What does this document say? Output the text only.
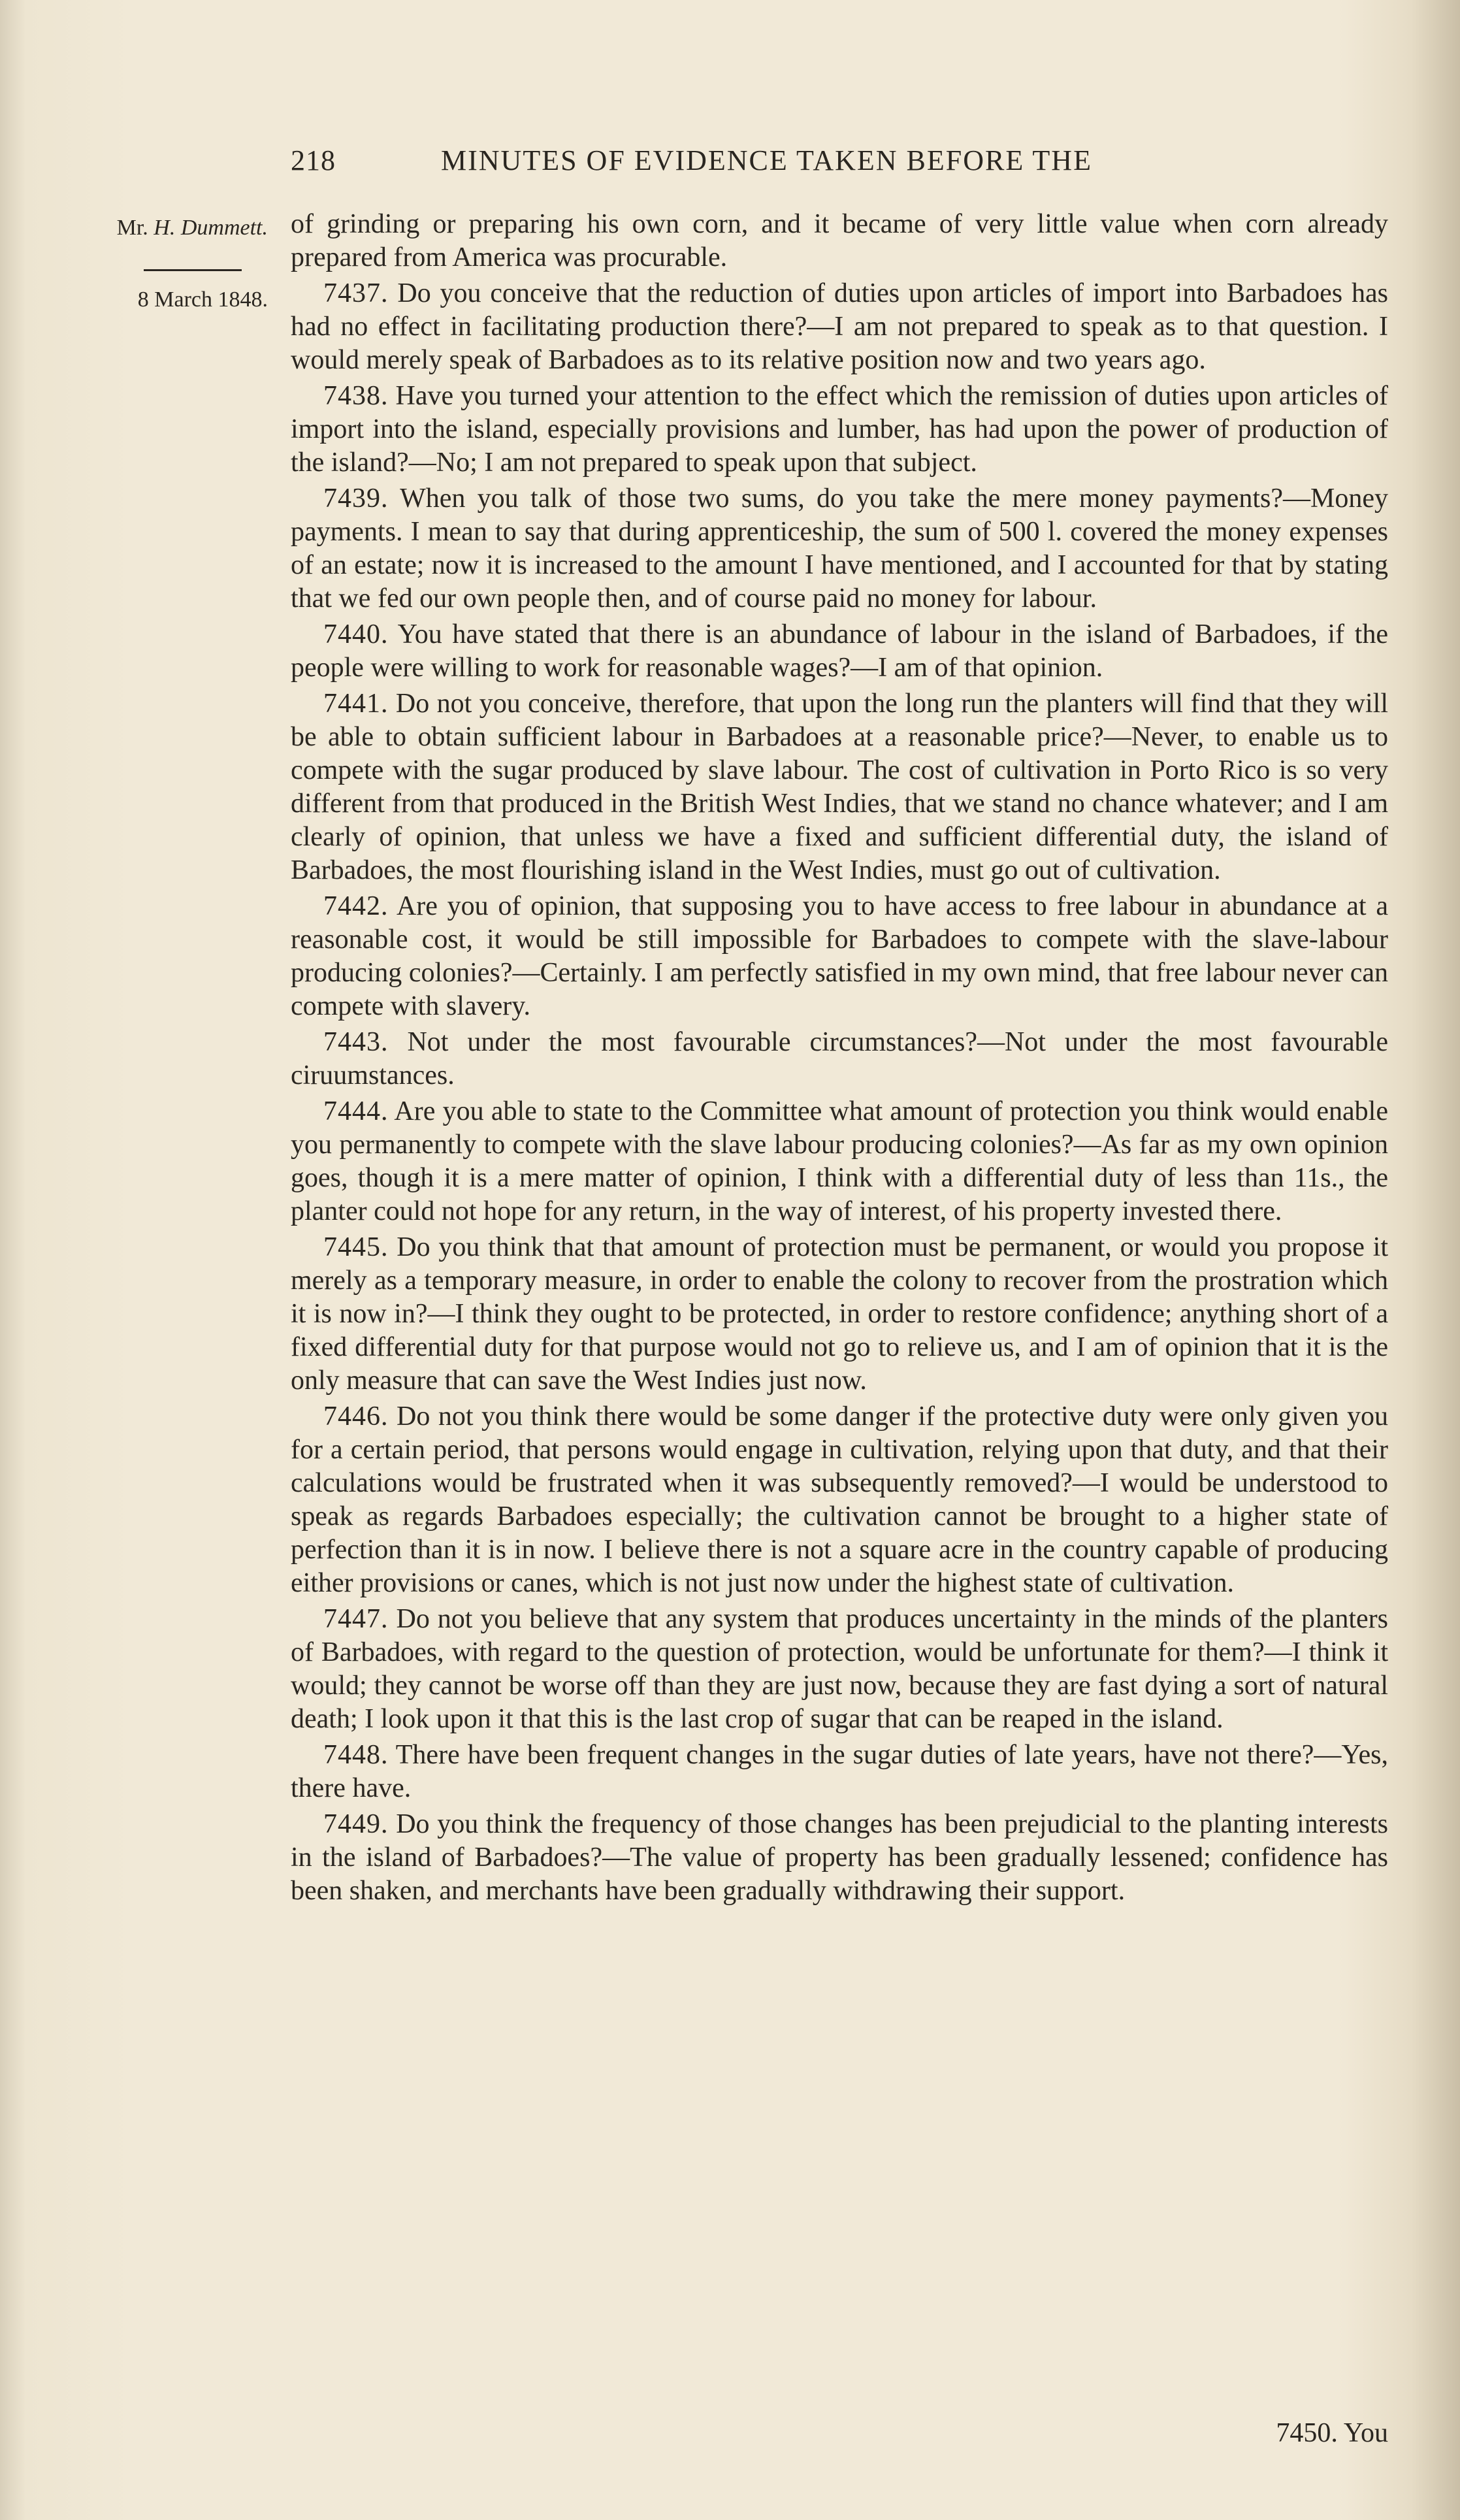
218	MINUTES OF EVIDENCE TAKEN BEFORE THE
Mr. H. Dummett.
8 March 1848.

of grinding or preparing his own corn, and it became of very little value when corn already prepared from America was procurable.

7437. Do you conceive that the reduction of duties upon articles of import into Barbadoes has had no effect in facilitating production there?—I am not prepared to speak as to that question. I would merely speak of Barbadoes as to its relative position now and two years ago.

7438. Have you turned your attention to the effect which the remission of duties upon articles of import into the island, especially provisions and lumber, has had upon the power of production of the island?—No; I am not prepared to speak upon that subject.

7439. When you talk of those two sums, do you take the mere money payments?—Money payments. I mean to say that during apprenticeship, the sum of 500 l. covered the money expenses of an estate; now it is increased to the amount I have mentioned, and I accounted for that by stating that we fed our own people then, and of course paid no money for labour.

7440. You have stated that there is an abundance of labour in the island of Barbadoes, if the people were willing to work for reasonable wages?—I am of that opinion.

7441. Do not you conceive, therefore, that upon the long run the planters will find that they will be able to obtain sufficient labour in Barbadoes at a reasonable price?—Never, to enable us to compete with the sugar produced by slave labour. The cost of cultivation in Porto Rico is so very different from that produced in the British West Indies, that we stand no chance whatever; and I am clearly of opinion, that unless we have a fixed and sufficient differential duty, the island of Barbadoes, the most flourishing island in the West Indies, must go out of cultivation.

7442. Are you of opinion, that supposing you to have access to free labour in abundance at a reasonable cost, it would be still impossible for Barbadoes to compete with the slave-labour producing colonies?—Certainly. I am perfectly satisfied in my own mind, that free labour never can compete with slavery.

7443. Not under the most favourable circumstances?—Not under the most favourable ciruumstances.

7444. Are you able to state to the Committee what amount of protection you think would enable you permanently to compete with the slave labour producing colonies?—As far as my own opinion goes, though it is a mere matter of opinion, I think with a differential duty of less than 11s., the planter could not hope for any return, in the way of interest, of his property invested there.

7445. Do you think that that amount of protection must be permanent, or would you propose it merely as a temporary measure, in order to enable the colony to recover from the prostration which it is now in?—I think they ought to be protected, in order to restore confidence; anything short of a fixed differential duty for that purpose would not go to relieve us, and I am of opinion that it is the only measure that can save the West Indies just now.

7446. Do not you think there would be some danger if the protective duty were only given you for a certain period, that persons would engage in cultivation, relying upon that duty, and that their calculations would be frustrated when it was subsequently removed?—I would be understood to speak as regards Barbadoes especially; the cultivation cannot be brought to a higher state of perfection than it is in now. I believe there is not a square acre in the country capable of producing either provisions or canes, which is not just now under the highest state of cultivation.

7447. Do not you believe that any system that produces uncertainty in the minds of the planters of Barbadoes, with regard to the question of protection, would be unfortunate for them?—I think it would; they cannot be worse off than they are just now, because they are fast dying a sort of natural death; I look upon it that this is the last crop of sugar that can be reaped in the island.

7448. There have been frequent changes in the sugar duties of late years, have not there?—Yes, there have.

7449. Do you think the frequency of those changes has been prejudicial to the planting interests in the island of Barbadoes?—The value of property has been gradually lessened; confidence has been shaken, and merchants have been gradually withdrawing their support.

7450. You
